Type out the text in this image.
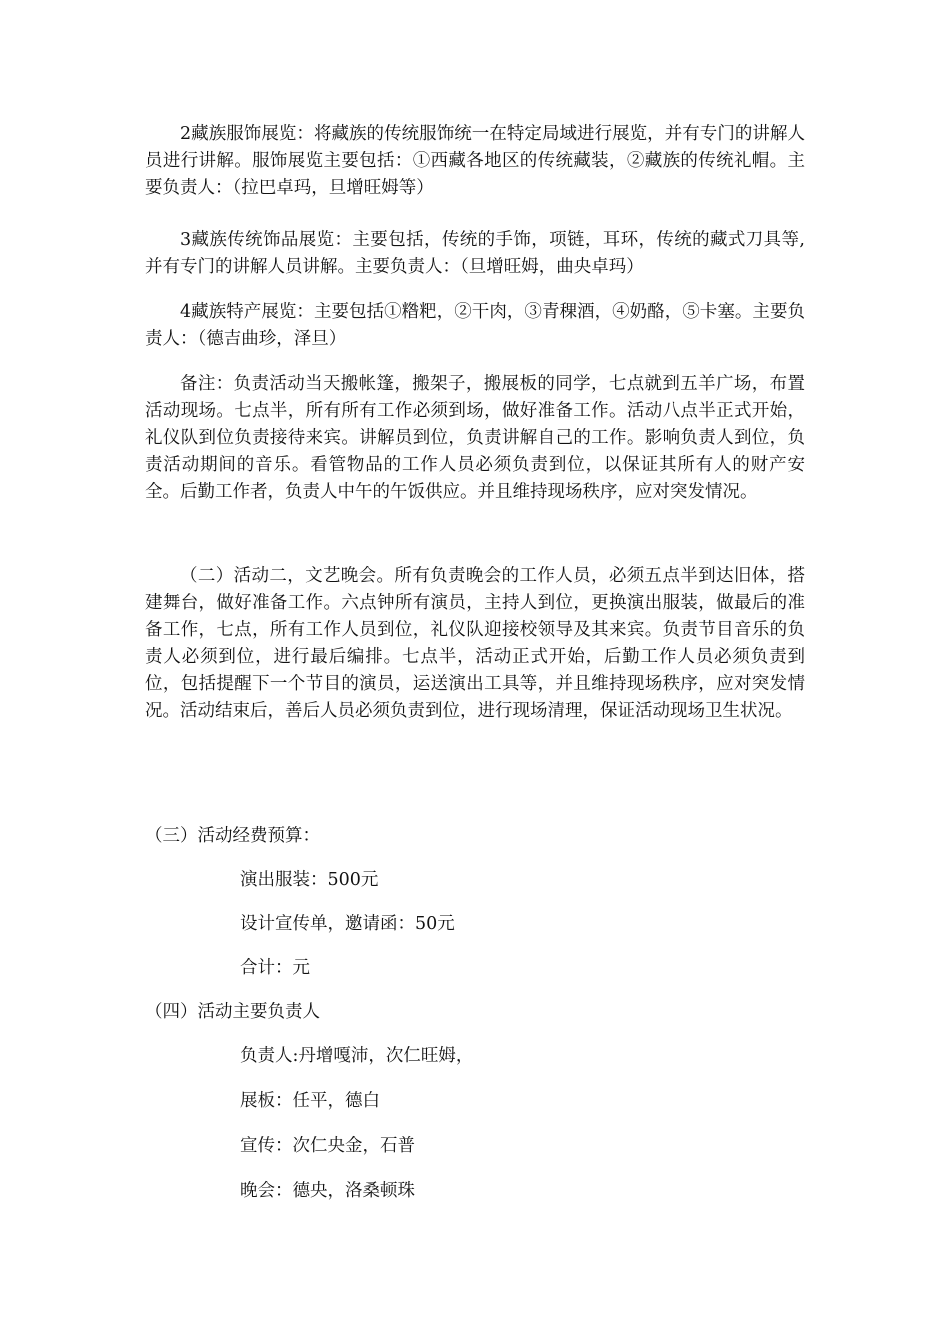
2藏族服饰展览：将藏族的传统服饰统一在特定局域进行展览，并有专门的讲解人员进行讲解。服饰展览主要包括：①西藏各地区的传统藏装，②藏族的传统礼帽。主要负责人：（拉巴卓玛，旦增旺姆等）

3藏族传统饰品展览：主要包括，传统的手饰，项链，耳环，传统的藏式刀具等,并有专门的讲解人员讲解。主要负责人：（旦增旺姆，曲央卓玛）

4藏族特产展览：主要包括①糌粑，②干肉，③青稞酒，④奶酪，⑤卡塞。主要负责人：（德吉曲珍，泽旦）

备注：负责活动当天搬帐篷，搬架子，搬展板的同学，七点就到五羊广场，布置活动现场。七点半，所有所有工作必须到场，做好准备工作。活动八点半正式开始，礼仪队到位负责接待来宾。讲解员到位，负责讲解自己的工作。影响负责人到位，负责活动期间的音乐。看管物品的工作人员必须负责到位，以保证其所有人的财产安全。后勤工作者，负责人中午的午饭供应。并且维持现场秩序，应对突发情况。

（二）活动二，文艺晚会。所有负责晚会的工作人员，必须五点半到达旧体，搭建舞台，做好准备工作。六点钟所有演员，主持人到位，更换演出服装，做最后的准备工作，七点，所有工作人员到位，礼仪队迎接校领导及其来宾。负责节目音乐的负责人必须到位，进行最后编排。七点半，活动正式开始，后勤工作人员必须负责到位，包括提醒下一个节目的演员，运送演出工具等，并且维持现场秩序，应对突发情况。活动结束后，善后人员必须负责到位，进行现场清理，保证活动现场卫生状况。

（三）活动经费预算：

演出服装：500元

设计宣传单，邀请函：50元

合计：元

（四）活动主要负责人

负责人:丹增嘎沛，次仁旺姆，

展板：任平，德白

宣传：次仁央金，石普

晚会：德央，洛桑顿珠
